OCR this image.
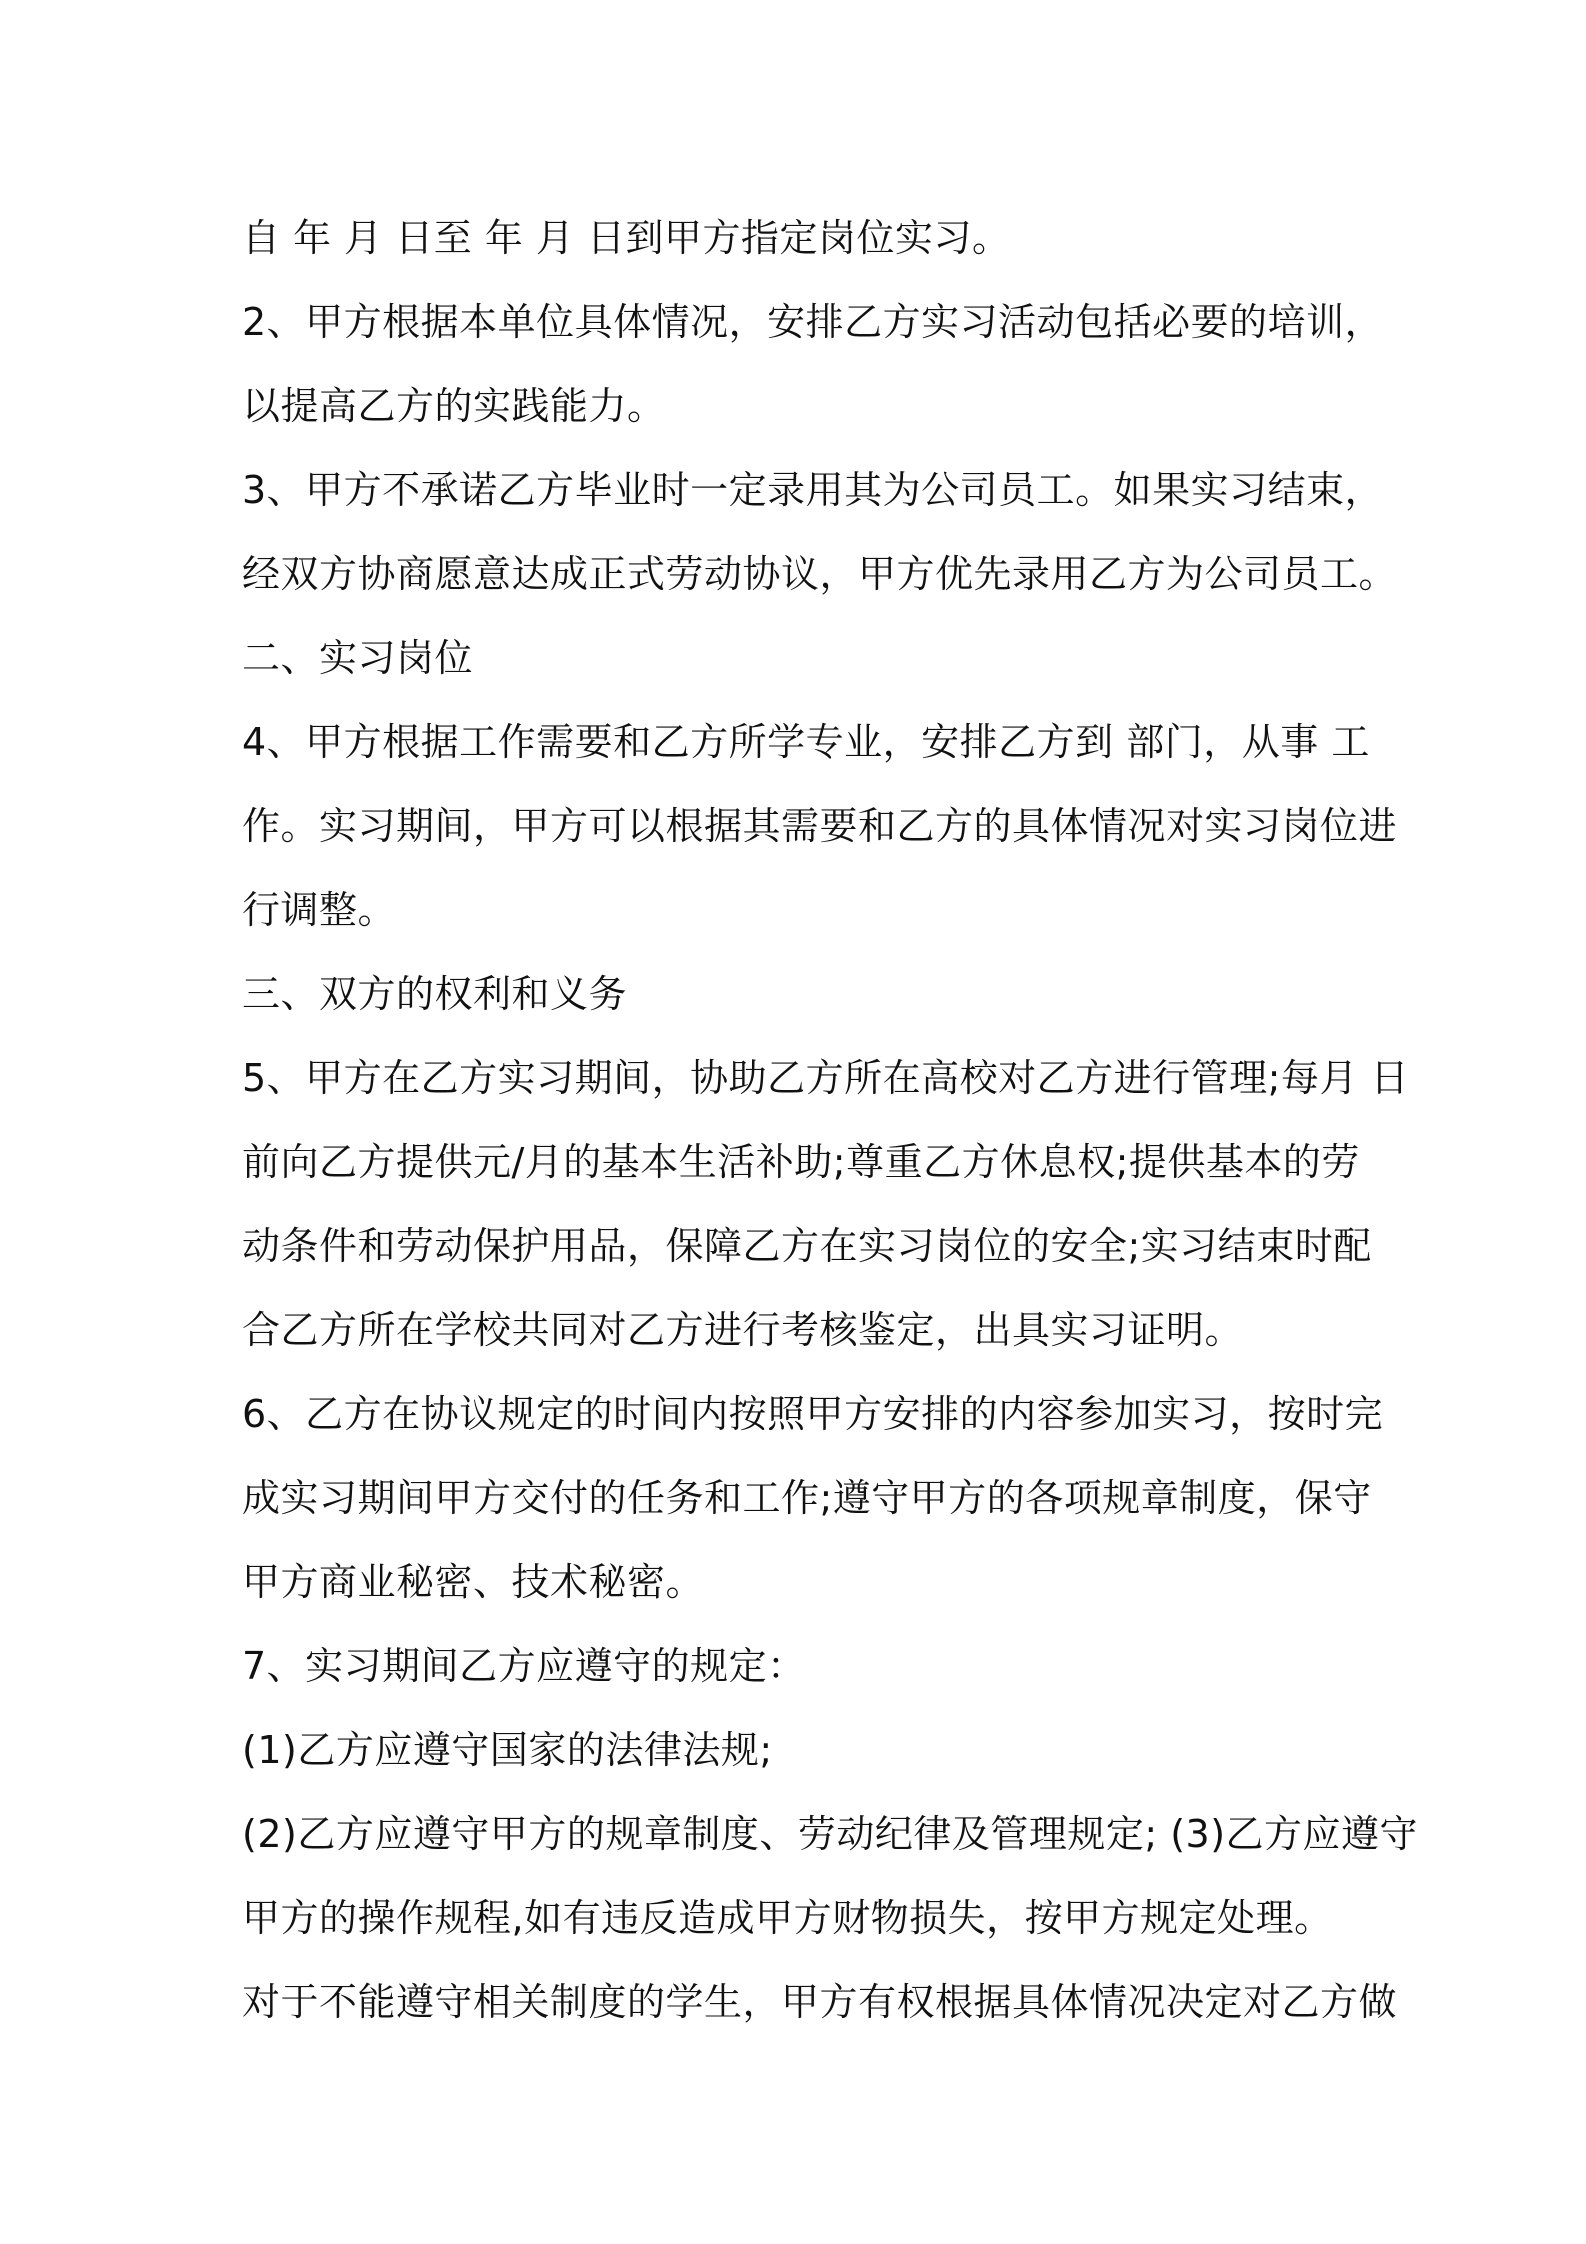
自 年 月 日至 年 月 日到甲方指定岗位实习。

2、甲方根据本单位具体情况，安排乙方实习活动包括必要的培训，

以提高乙方的实践能力。

3、甲方不承诺乙方毕业时一定录用其为公司员工。如果实习结束，

经双方协商愿意达成正式劳动协议，甲方优先录用乙方为公司员工。

二、实习岗位

4、甲方根据工作需要和乙方所学专业，安排乙方到 部门，从事 工

作。实习期间，甲方可以根据其需要和乙方的具体情况对实习岗位进

行调整。

三、双方的权利和义务

5、甲方在乙方实习期间，协助乙方所在高校对乙方进行管理;每月 日

前向乙方提供元/月的基本生活补助;尊重乙方休息权;提供基本的劳

动条件和劳动保护用品，保障乙方在实习岗位的安全;实习结束时配

合乙方所在学校共同对乙方进行考核鉴定，出具实习证明。

6、乙方在协议规定的时间内按照甲方安排的内容参加实习，按时完

成实习期间甲方交付的任务和工作;遵守甲方的各项规章制度，保守

甲方商业秘密、技术秘密。

7、实习期间乙方应遵守的规定：

(1)乙方应遵守国家的法律法规;

(2)乙方应遵守甲方的规章制度、劳动纪律及管理规定; (3)乙方应遵守

甲方的操作规程,如有违反造成甲方财物损失，按甲方规定处理。

对于不能遵守相关制度的学生，甲方有权根据具体情况决定对乙方做
